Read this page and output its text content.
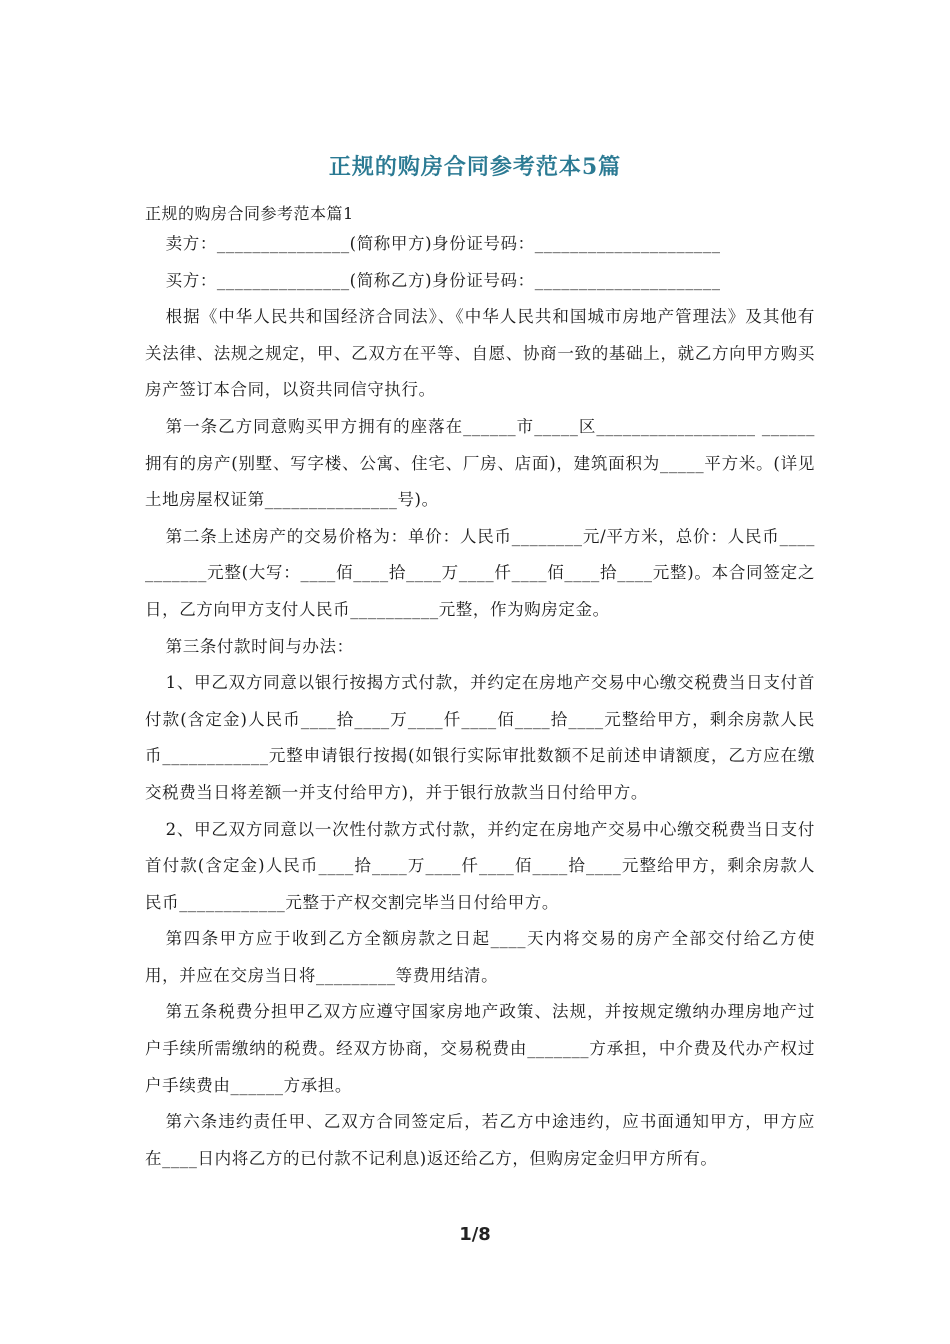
正规的购房合同参考范本5篇
正规的购房合同参考范本篇1

卖方：_______________(简称甲方)身份证号码：_____________________

买方：_______________(简称乙方)身份证号码：_____________________

根据《中华人民共和国经济合同法》、《中华人民共和国城市房地产管理法》及其他有关法律、法规之规定，甲、乙双方在平等、自愿、协商一致的基础上，就乙方向甲方购买房产签订本合同，以资共同信守执行。

第一条乙方同意购买甲方拥有的座落在______市_____区__________________ ______拥有的房产(别墅、写字楼、公寓、住宅、厂房、店面)，建筑面积为_____平方米。(详见土地房屋权证第_______________号)。

第二条上述房产的交易价格为：单价：人民币________元/平方米，总价：人民币___________元整(大写：____佰____拾____万____仟____佰____拾____元整)。本合同签定之日，乙方向甲方支付人民币__________元整，作为购房定金。

第三条付款时间与办法：

1、甲乙双方同意以银行按揭方式付款，并约定在房地产交易中心缴交税费当日支付首付款(含定金)人民币____拾____万____仟____佰____拾____元整给甲方，剩余房款人民币____________元整申请银行按揭(如银行实际审批数额不足前述申请额度，乙方应在缴交税费当日将差额一并支付给甲方)，并于银行放款当日付给甲方。

2、甲乙双方同意以一次性付款方式付款，并约定在房地产交易中心缴交税费当日支付首付款(含定金)人民币____拾____万____仟____佰____拾____元整给甲方，剩余房款人民币____________元整于产权交割完毕当日付给甲方。

第四条甲方应于收到乙方全额房款之日起____天内将交易的房产全部交付给乙方使用，并应在交房当日将_________等费用结清。

第五条税费分担甲乙双方应遵守国家房地产政策、法规，并按规定缴纳办理房地产过户手续所需缴纳的税费。经双方协商，交易税费由_______方承担，中介费及代办产权过户手续费由______方承担。

第六条违约责任甲、乙双方合同签定后，若乙方中途违约，应书面通知甲方，甲方应在____日内将乙方的已付款不记利息)返还给乙方，但购房定金归甲方所有。

1/8
